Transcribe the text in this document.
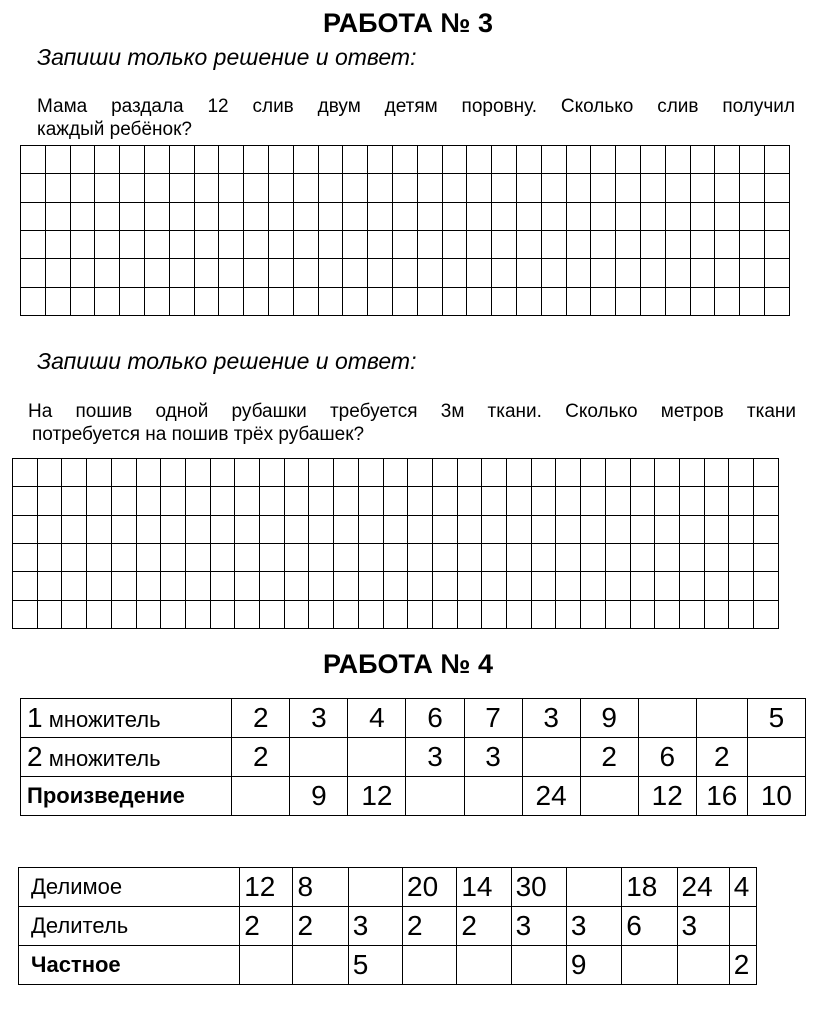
РАБОТА № 3
Запиши только решение и ответ:
Мама раздала 12 слив двум детям поровну. Сколько слив получил
каждый ребёнок?

Запиши только решение и ответ:
На пошив одной рубашки требуется 3м ткани. Сколько метров ткани
потребуется на пошив трёх рубашек?

РАБОТА № 4
1 множитель	2	3	4	6	7	3	9			5
2 множитель	2			3	3		2	6	2	
Произведение		9	12			24		12	16	10
Делимое	12	8		20	14	30		18	24	4
Делитель	2	2	3	2	2	3	3	6	3	
Частное			5				9			2
